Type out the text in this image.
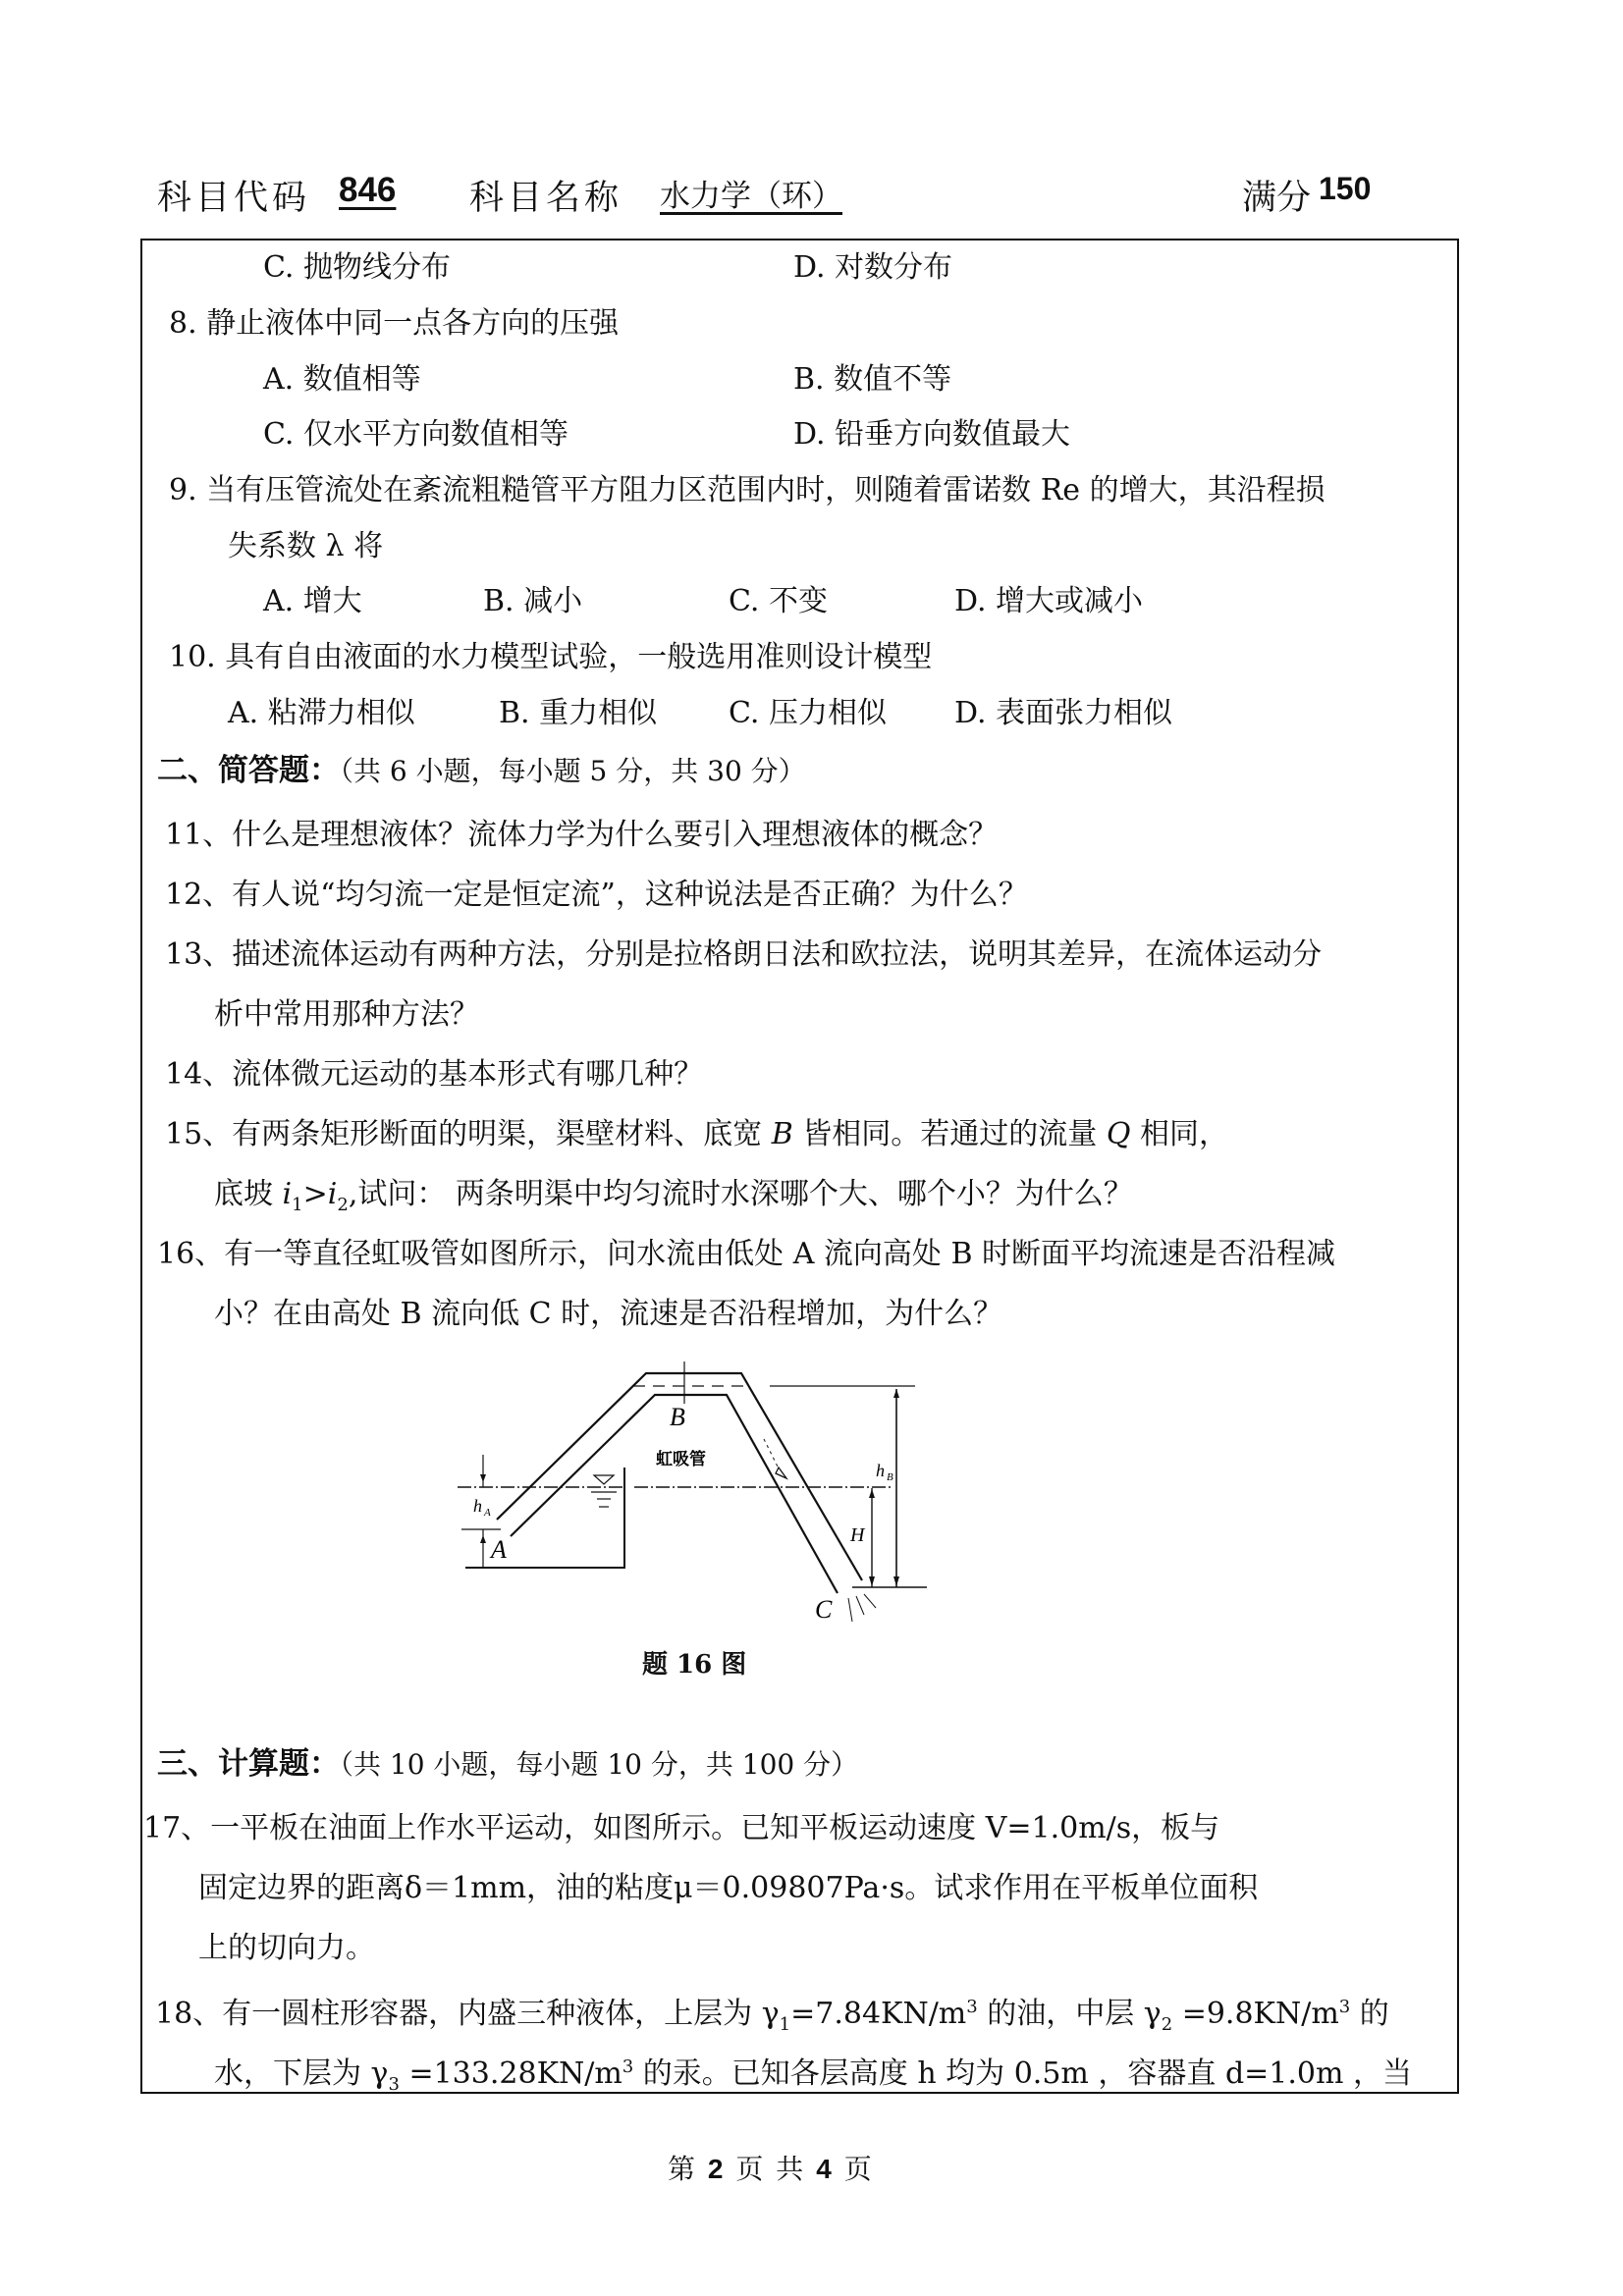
科目代码 846 科目名称 水力学（环）	满分 150
C. 抛物线分布	D. 对数分布
8. 静止液体中同一点各方向的压强
A. 数值相等	B. 数值不等
C. 仅水平方向数值相等	D. 铅垂方向数值最大
9. 当有压管流处在紊流粗糙管平方阻力区范围内时，则随着雷诺数 Re 的增大，其沿程损
失系数 λ 将
A. 增大	B. 减小	C. 不变	D. 增大或减小
10. 具有自由液面的水力模型试验，一般选用准则设计模型
A. 粘滞力相似	B. 重力相似 C. 压力相似 D. 表面张力相似
二、简答题：（共 6 小题，每小题 5 分，共 30 分）
11、什么是理想液体？流体力学为什么要引入理想液体的概念？
12、有人说“均匀流一定是恒定流”，这种说法是否正确？为什么？
13、描述流体运动有两种方法，分别是拉格朗日法和欧拉法，说明其差异，在流体运动分
析中常用那种方法？
14、流体微元运动的基本形式有哪几种？
15、有两条矩形断面的明渠，渠壁材料、底宽 B 皆相同。若通过的流量 Q 相同，
底坡 $i_1>i_2$,试问： 两条明渠中均匀流时水深哪个大、哪个小？为什么？
16、有一等直径虹吸管如图所示，问水流由低处 A 流向高处 B 时断面平均流速是否沿程减
小？在由高处 B 流向低 C 时，流速是否沿程增加，为什么？
A
B
C
虹吸管
h A
h B
H
题 16 图
三、计算题：（共 10 小题，每小题 10 分，共 100 分）
17、一平板在油面上作水平运动，如图所示。已知平板运动速度 V=1.0m/s，板与
固定边界的距离δ＝1mm，油的粘度μ＝0.09807Pa·s。试求作用在平板单位面积
上的切向力。
18、有一圆柱形容器，内盛三种液体，上层为 $\gamma_1=7.84KN/m^3$ 的油，中层 $\gamma_2 =9.8KN/m^3$ 的
水，下层为 $\gamma_3 =133.28KN/m^3$ 的汞。已知各层高度 h 均为 0.5m ，容器直 d=1.0m ，当
第 2 页 共 4 页
